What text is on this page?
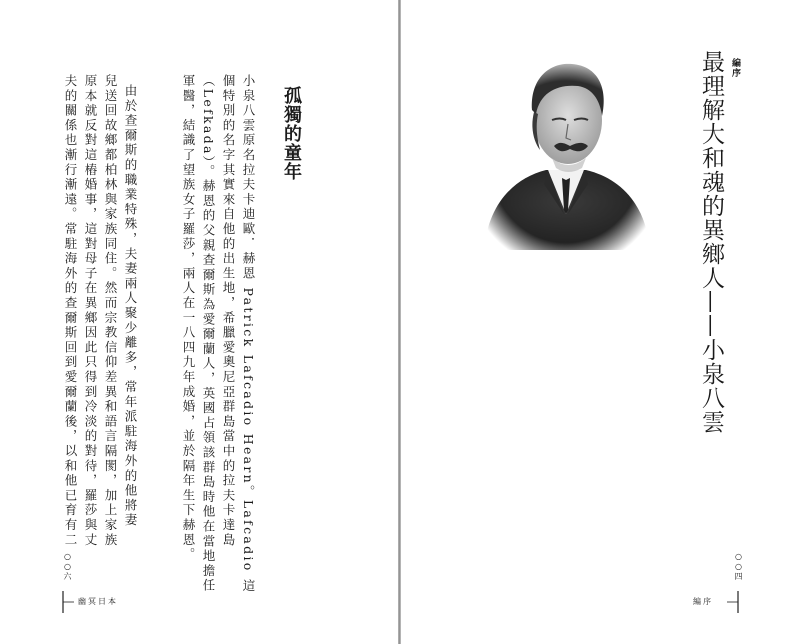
孤獨的童年
小泉八雲原名拉夫卡迪歐．赫恩 Patrick Lafcadio Hearn。Lafcadio 這
個特別的名字其實來自他的出生地，希臘愛奧尼亞群島當中的拉夫卡達島
（Lefkada）。赫恩的父親查爾斯為愛爾蘭人，英國占領該群島時他在當地擔任
軍醫，結識了望族女子羅莎，兩人在一八四九年成婚，並於隔年生下赫恩。
由於查爾斯的職業特殊，夫妻兩人聚少離多，常年派駐海外的他將妻
兒送回故鄉都柏林與家族同住。然而宗教信仰差異和語言隔閡，加上家族
原本就反對這樁婚事，這對母子在異鄉因此只得到冷淡的對待，羅莎與丈
夫的關係也漸行漸遠。常駐海外的查爾斯回到愛爾蘭後，以和他已育有二
○○六
幽冥日本
編序
最理解大和魂的異鄉人——小泉八雲
○○四
編序
